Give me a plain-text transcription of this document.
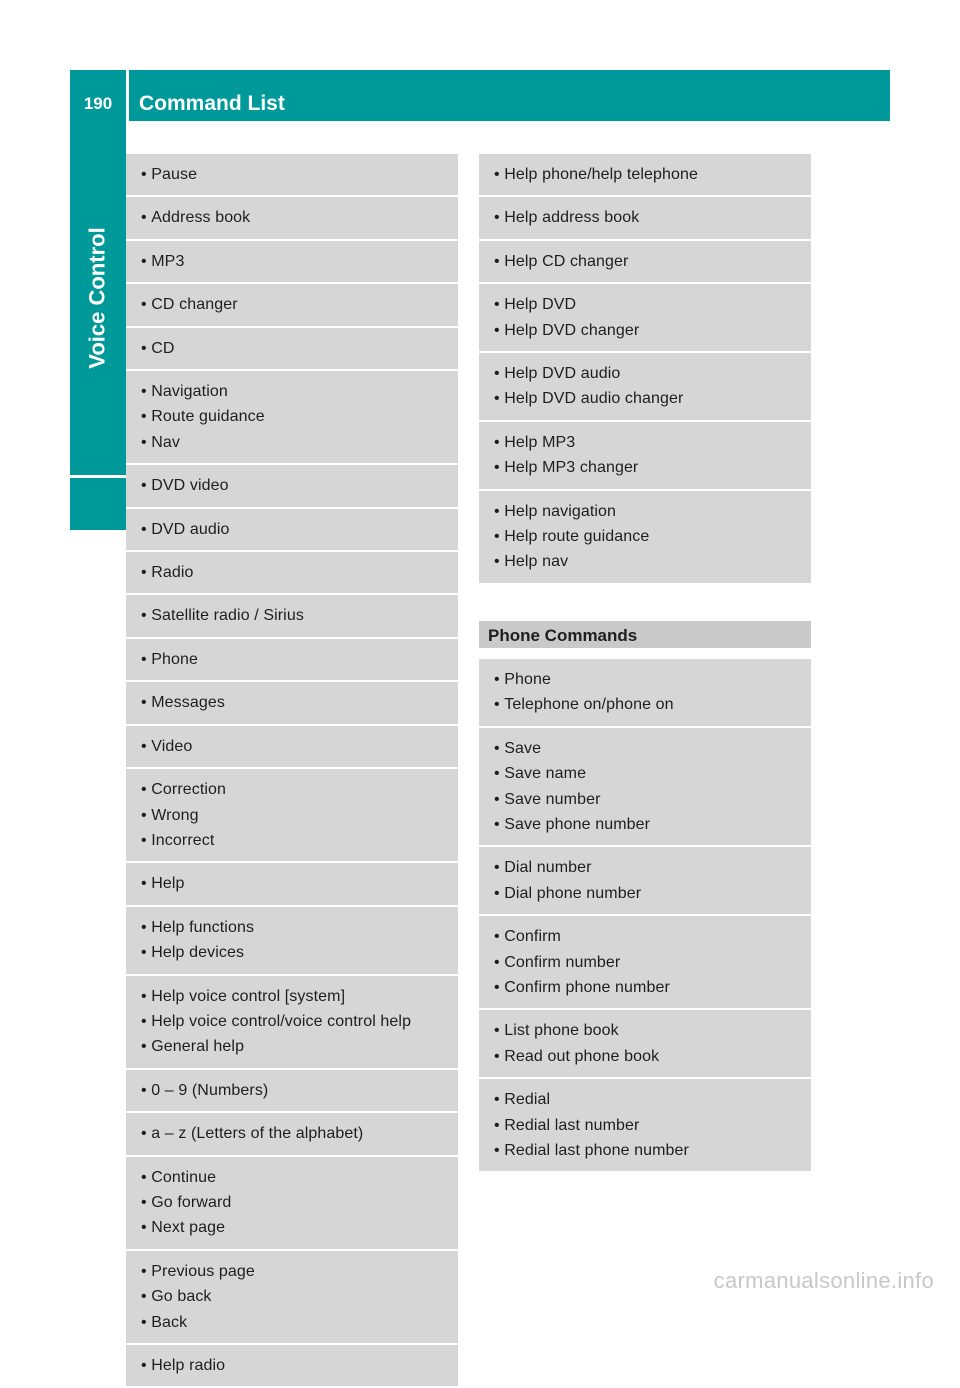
190	Command List
Voice Control
• Pause
• Address book
• MP3
• CD changer
• CD
• Navigation
• Route guidance
• Nav
• DVD video
• DVD audio
• Radio
• Satellite radio / Sirius
• Phone
• Messages
• Video
• Correction
• Wrong
• Incorrect
• Help
• Help functions
• Help devices
• Help voice control [system]
• Help voice control/voice control help
• General help
• 0 – 9 (Numbers)
• a – z (Letters of the alphabet)
• Continue
• Go forward
• Next page
• Previous page
• Go back
• Back
• Help radio
• Help phone/help telephone
• Help address book
• Help CD changer
• Help DVD
• Help DVD changer
• Help DVD audio
• Help DVD audio changer
• Help MP3
• Help MP3 changer
• Help navigation
• Help route guidance
• Help nav
Phone Commands
• Phone
• Telephone on/phone on
• Save
• Save name
• Save number
• Save phone number
• Dial number
• Dial phone number
• Confirm
• Confirm number
• Confirm phone number
• List phone book
• Read out phone book
• Redial
• Redial last number
• Redial last phone number
carmanualsonline.info
